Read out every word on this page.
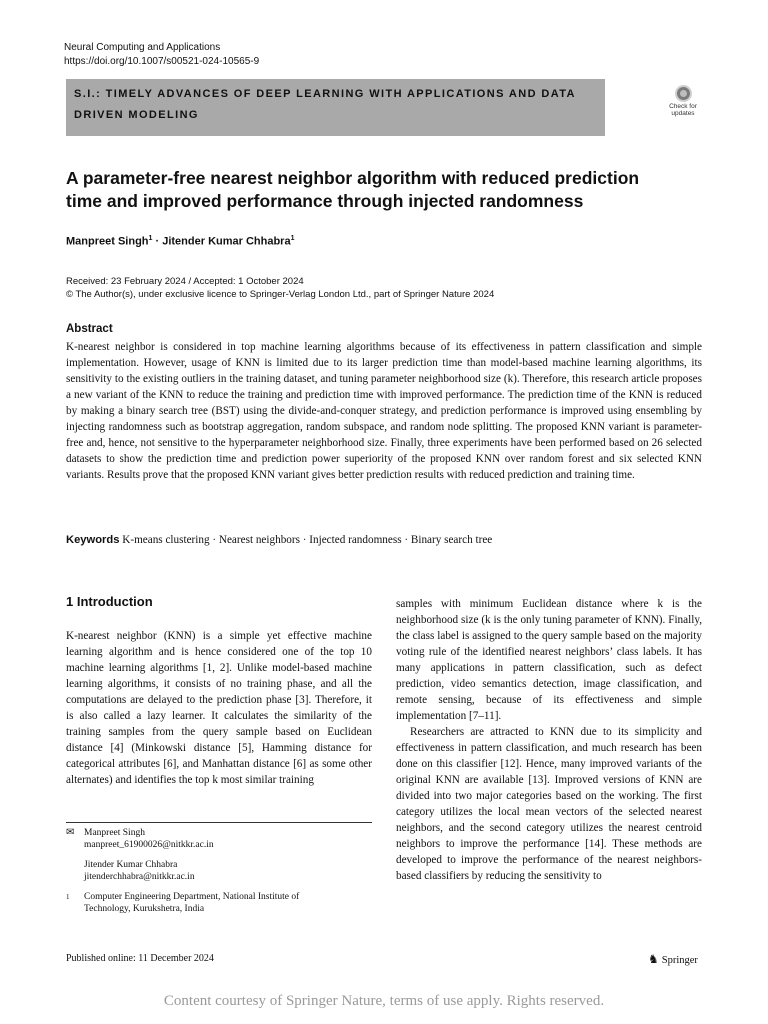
Neural Computing and Applications
https://doi.org/10.1007/s00521-024-10565-9
S.I.: TIMELY ADVANCES OF DEEP LEARNING WITH APPLICATIONS AND DATA
DRIVEN MODELING
Check for
updates
A parameter-free nearest neighbor algorithm with reduced prediction
time and improved performance through injected randomness
Manpreet Singh$^1$ · Jitender Kumar Chhabra$^1$
Received: 23 February 2024 / Accepted: 1 October 2024
© The Author(s), under exclusive licence to Springer-Verlag London Ltd., part of Springer Nature 2024
Abstract
K-nearest neighbor is considered in top machine learning algorithms because of its effectiveness in pattern classification and simple implementation. However, usage of KNN is limited due to its larger prediction time than model-based machine learning algorithms, its sensitivity to the existing outliers in the training dataset, and tuning parameter neighborhood size (k). Therefore, this research article proposes a new variant of the KNN to reduce the training and prediction time with improved performance. The prediction time of the KNN is reduced by making a binary search tree (BST) using the divide-and-conquer strategy, and prediction performance is improved using ensembling by injecting randomness such as bootstrap aggregation, random subspace, and random node splitting. The proposed KNN variant is parameter-free and, hence, not sensitive to the hyperparameter neighborhood size. Finally, three experiments have been performed based on 26 selected datasets to show the prediction time and prediction power superiority of the proposed KNN over random forest and six selected KNN variants. Results prove that the proposed KNN variant gives better prediction results with reduced prediction and training time.
Keywords K-means clustering · Nearest neighbors · Injected randomness · Binary search tree
1 Introduction

K-nearest neighbor (KNN) is a simple yet effective machine learning algorithm and is hence considered one of the top 10 machine learning algorithms [1, 2]. Unlike model-based machine learning algorithms, it consists of no training phase, and all the computations are delayed to the prediction phase [3]. Therefore, it is also called a lazy learner. It calculates the similarity of the training samples from the query sample based on Euclidean distance [4] (Minkowski distance [5], Hamming distance for categorical attributes [6], and Manhattan distance [6] as some other alternates) and identifies the top k most similar training

samples with minimum Euclidean distance where k is the neighborhood size (k is the only tuning parameter of KNN). Finally, the class label is assigned to the query sample based on the majority voting rule of the identified nearest neighbors’ class labels. It has many applications in pattern classification, such as defect prediction, video semantics detection, image classification, and remote sensing, because of its effectiveness and simple implementation [7–11].

Researchers are attracted to KNN due to its simplicity and effectiveness in pattern classification, and much research has been done on this classifier [12]. Hence, many improved variants of the original KNN are available [13]. Improved versions of KNN are divided into two major categories based on the working. The first category utilizes the local mean vectors of the selected nearest neighbors, and the second category utilizes the nearest centroid neighbors to improve the performance [14]. These methods are developed to improve the performance of the nearest neighbors-based classifiers by reducing the sensitivity to

✉ Manpreet Singh
manpreet_61900026@nitkkr.ac.in
Jitender Kumar Chhabra
jitenderchhabra@nitkkr.ac.in
1	Computer Engineering Department, National Institute of
Technology, Kurukshetra, India
Published online: 11 December 2024	♞ Springer
Content courtesy of Springer Nature, terms of use apply. Rights reserved.
